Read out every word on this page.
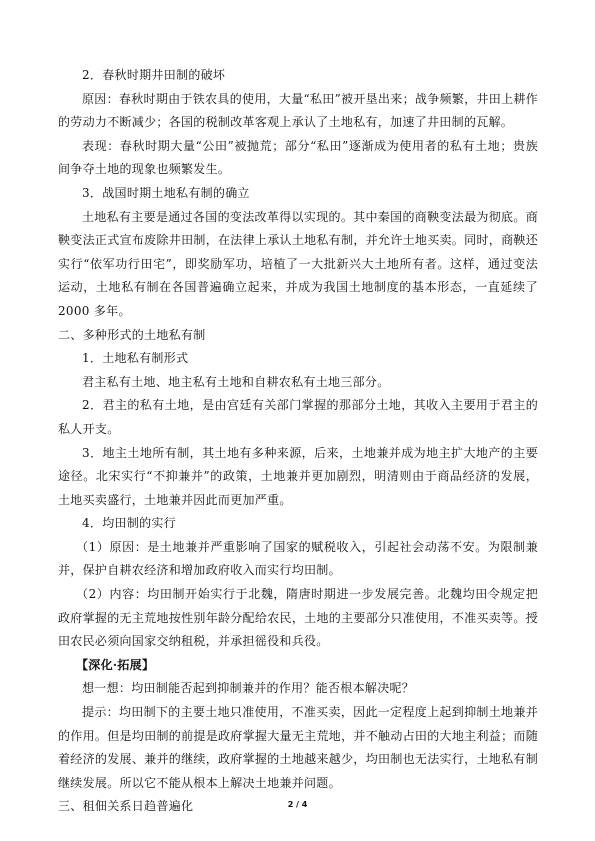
2．春秋时期井田制的破坏

原因：春秋时期由于铁农具的使用，大量“私田”被开垦出来；战争频繁，井田上耕作的劳动力不断减少；各国的税制改革客观上承认了土地私有，加速了井田制的瓦解。

表现：春秋时期大量“公田”被抛荒；部分“私田”逐渐成为使用者的私有土地；贵族间争夺土地的现象也频繁发生。

3．战国时期土地私有制的确立

土地私有主要是通过各国的变法改革得以实现的。其中秦国的商鞅变法最为彻底。商鞅变法正式宣布废除井田制，在法律上承认土地私有制，并允许土地买卖。同时，商鞅还实行“依军功行田宅”，即奖励军功，培植了一大批新兴大土地所有者。这样，通过变法运动，土地私有制在各国普遍确立起来，并成为我国土地制度的基本形态，一直延续了 2000 多年。

二、多种形式的土地私有制

1．土地私有制形式

君主私有土地、地主私有土地和自耕农私有土地三部分。

2．君主的私有土地，是由宫廷有关部门掌握的那部分土地，其收入主要用于君主的私人开支。

3．地主土地所有制，其土地有多种来源，后来，土地兼并成为地主扩大地产的主要途径。北宋实行“不抑兼并”的政策，土地兼并更加剧烈，明清则由于商品经济的发展，土地买卖盛行，土地兼并因此而更加严重。

4．均田制的实行

（1）原因：是土地兼并严重影响了国家的赋税收入，引起社会动荡不安。为限制兼并，保护自耕农经济和增加政府收入而实行均田制。

（2）内容：均田制开始实行于北魏，隋唐时期进一步发展完善。北魏均田令规定把政府掌握的无主荒地按性别年龄分配给农民，土地的主要部分只准使用，不准买卖等。授田农民必须向国家交纳租税，并承担徭役和兵役。

【深化·拓展】

想一想：均田制能否起到抑制兼并的作用？能否根本解决呢？

提示：均田制下的主要土地只准使用，不准买卖，因此一定程度上起到抑制土地兼并的作用。但是均田制的前提是政府掌握大量无主荒地，并不触动占田的大地主利益；而随着经济的发展、兼并的继续，政府掌握的土地越来越少，均田制也无法实行，土地私有制继续发展。所以它不能从根本上解决土地兼并问题。

三、租佃关系日趋普遍化	2 / 4
